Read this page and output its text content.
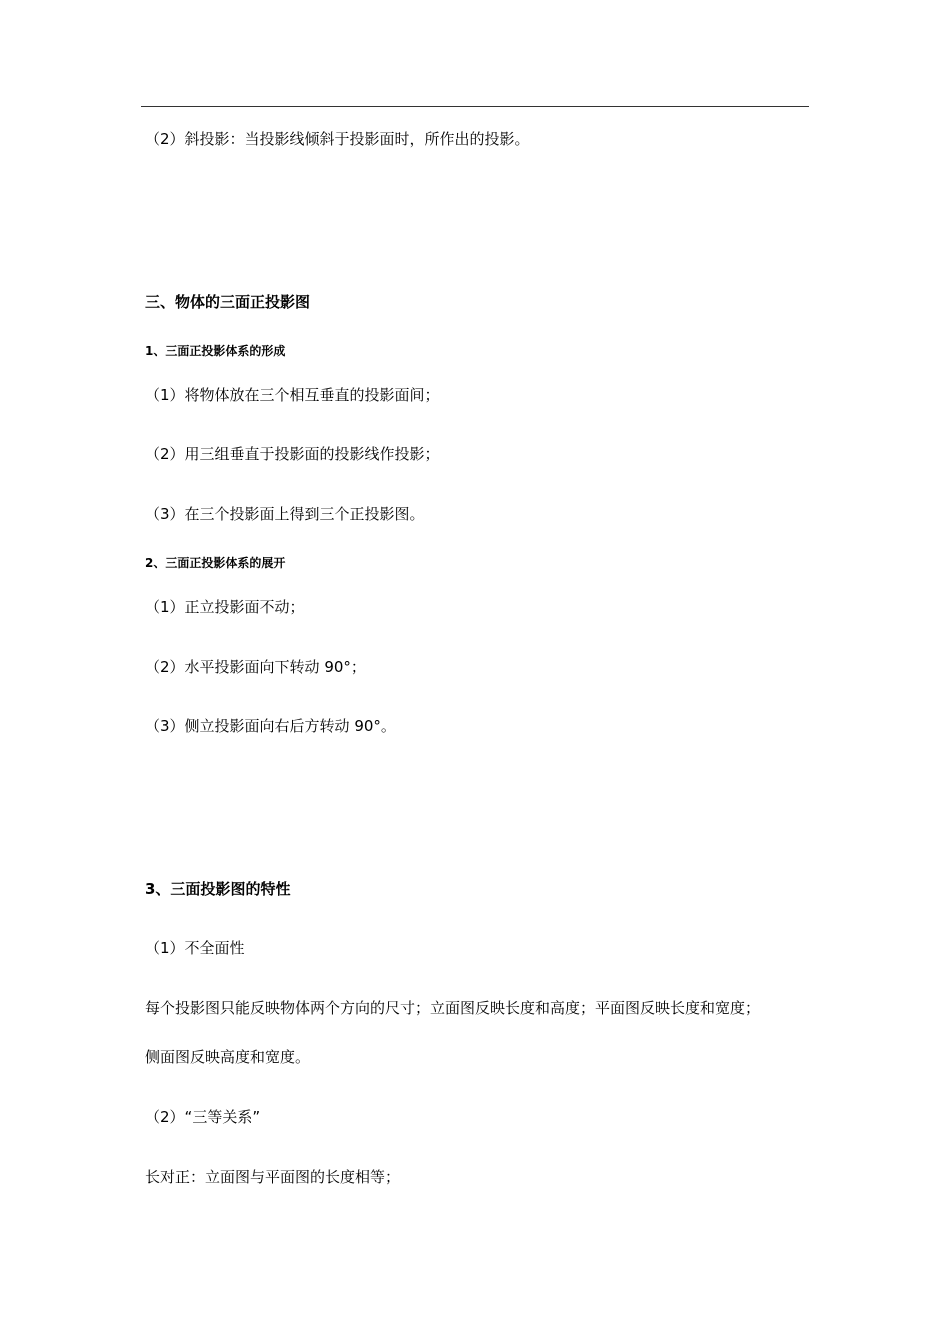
（2）斜投影：当投影线倾斜于投影面时，所作出的投影。
三、物体的三面正投影图
1、三面正投影体系的形成
（1）将物体放在三个相互垂直的投影面间；
（2）用三组垂直于投影面的投影线作投影；
（3）在三个投影面上得到三个正投影图。
2、三面正投影体系的展开
（1）正立投影面不动；
（2）水平投影面向下转动 90°；
（3）侧立投影面向右后方转动 90°。
3、三面投影图的特性
（1）不全面性
每个投影图只能反映物体两个方向的尺寸；立面图反映长度和高度；平面图反映长度和宽度；
侧面图反映高度和宽度。
（2）“三等关系”
长对正：立面图与平面图的长度相等；
